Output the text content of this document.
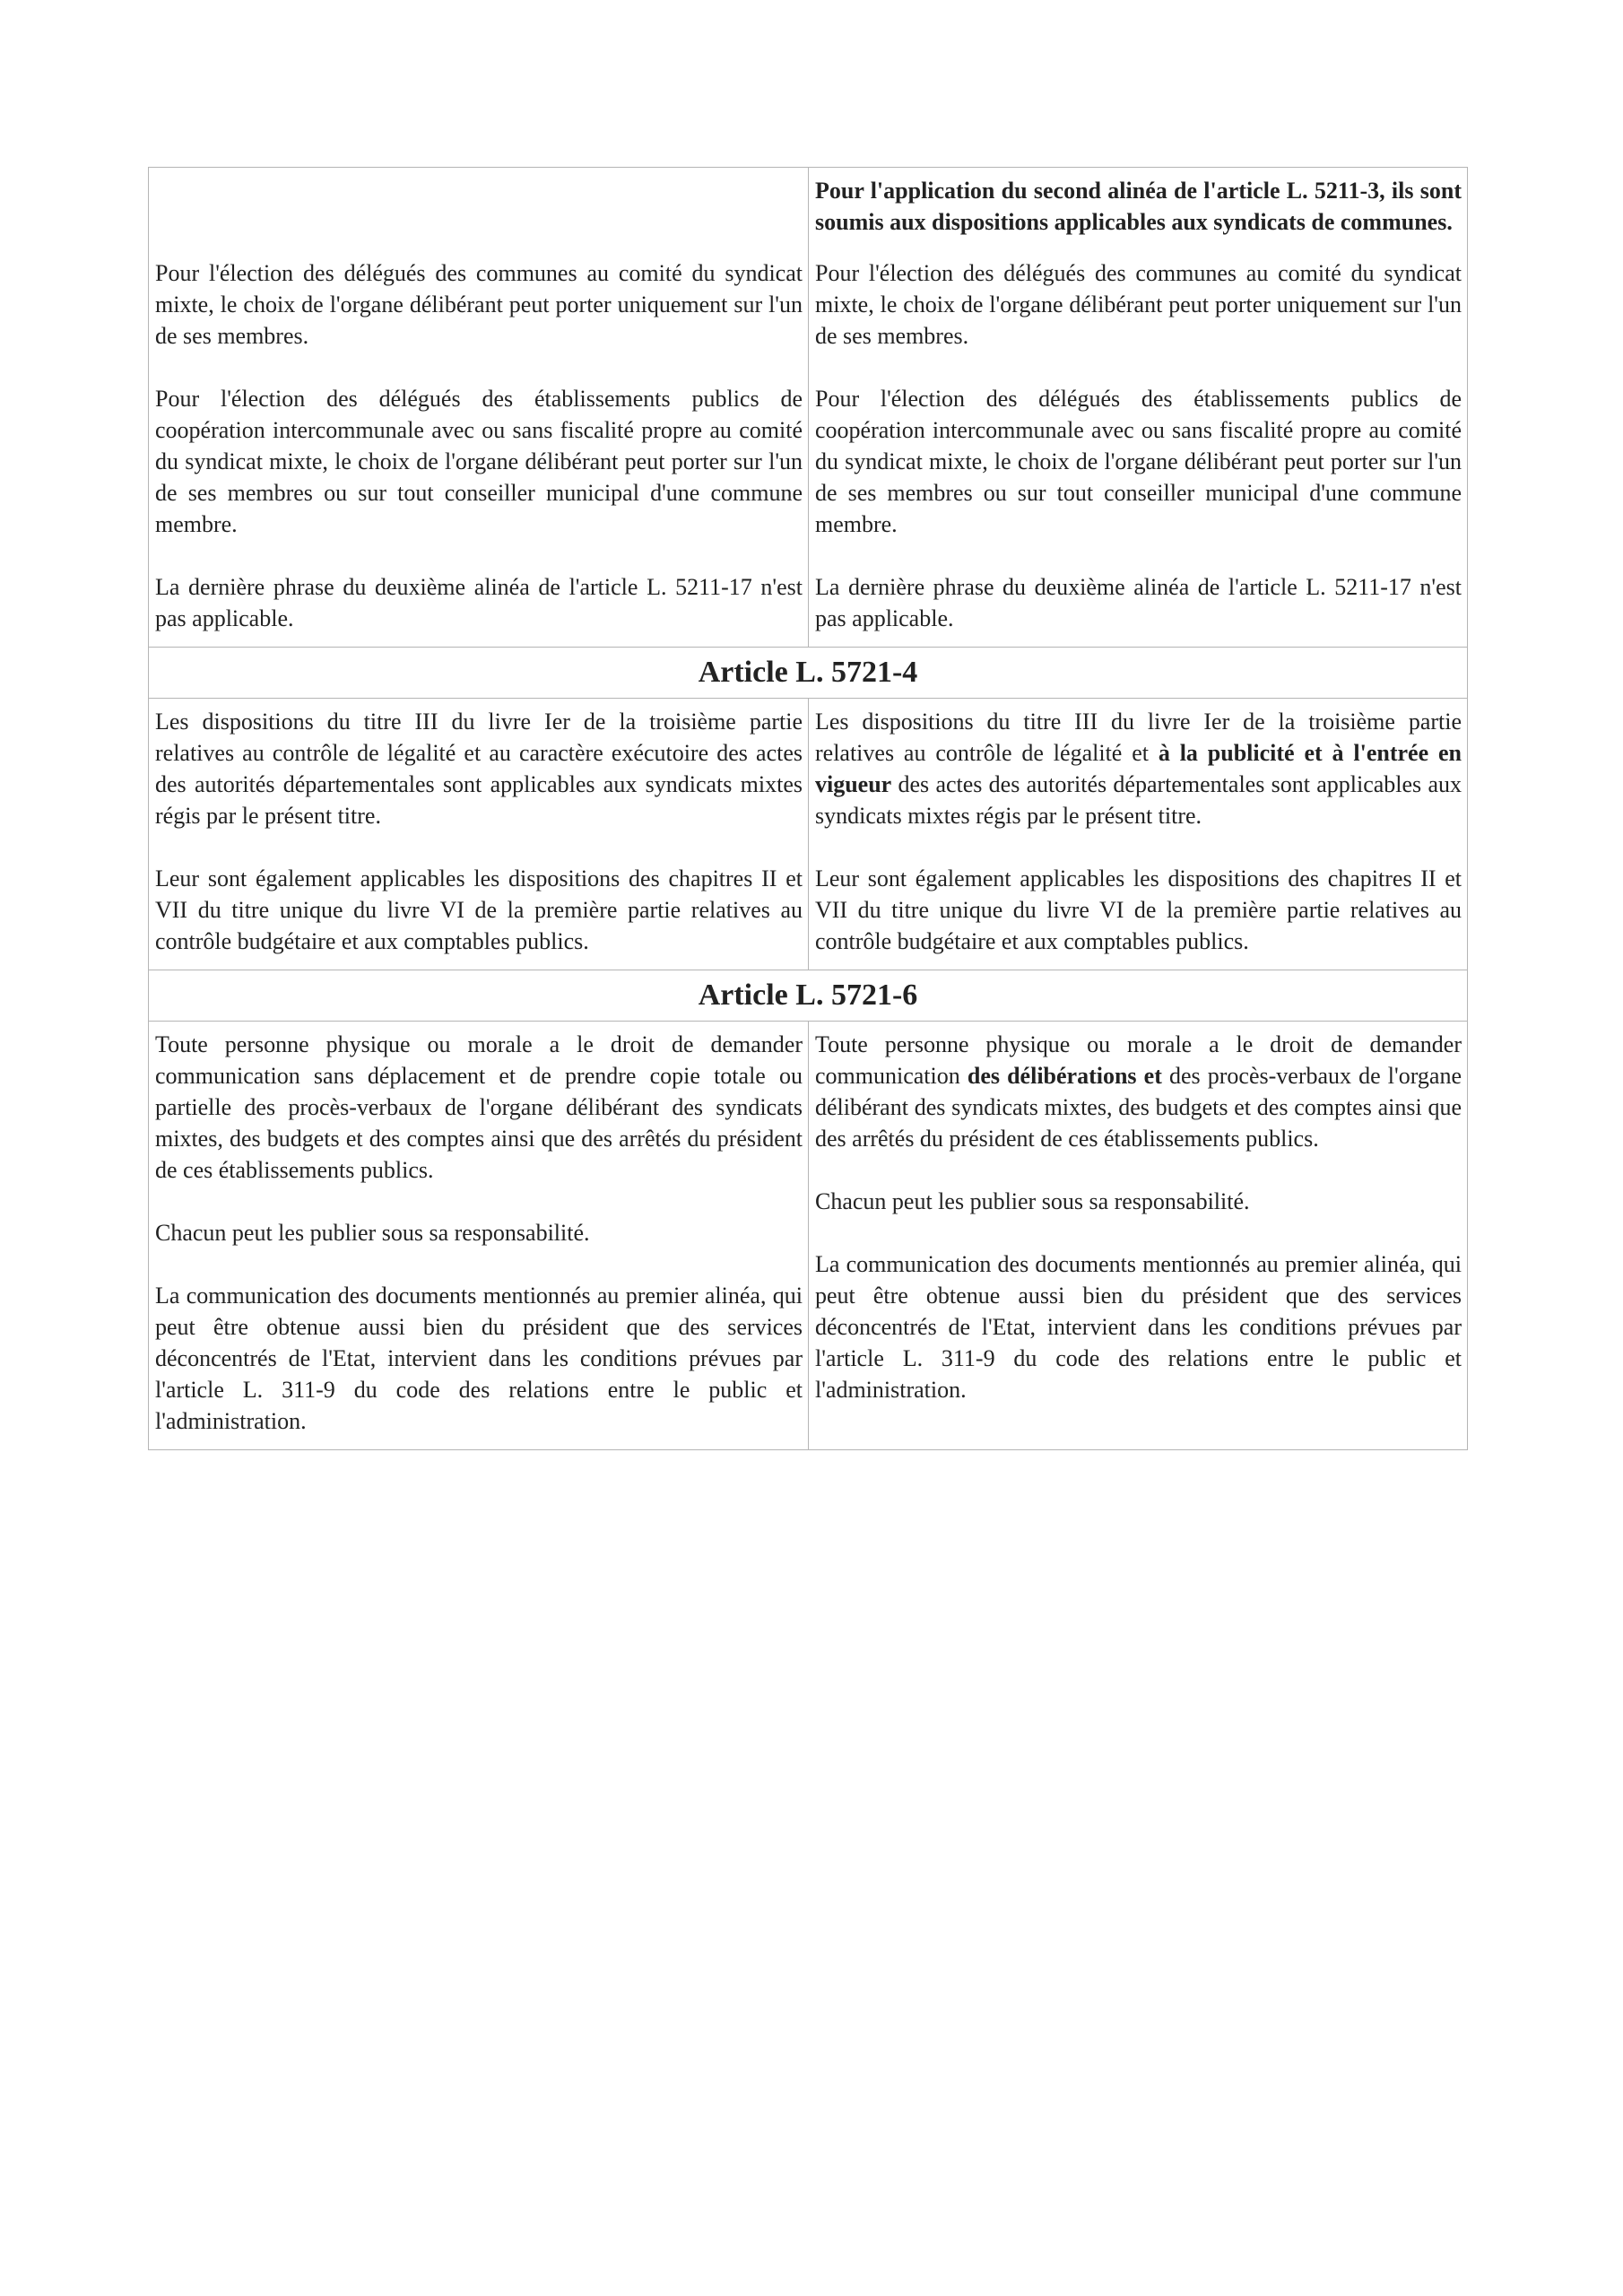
Pour l'application du second alinéa de l'article L. 5211-3, ils sont soumis aux dispositions applicables aux syndicats de communes.

Pour l'élection des délégués des communes au comité du syndicat mixte, le choix de l'organe délibérant peut porter uniquement sur l'un de ses membres.

Pour l'élection des délégués des établissements publics de coopération intercommunale avec ou sans fiscalité propre au comité du syndicat mixte, le choix de l'organe délibérant peut porter sur l'un de ses membres ou sur tout conseiller municipal d'une commune membre.

La dernière phrase du deuxième alinéa de l'article L. 5211-17 n'est pas applicable.

Pour l'élection des délégués des communes au comité du syndicat mixte, le choix de l'organe délibérant peut porter uniquement sur l'un de ses membres.

Pour l'élection des délégués des établissements publics de coopération intercommunale avec ou sans fiscalité propre au comité du syndicat mixte, le choix de l'organe délibérant peut porter sur l'un de ses membres ou sur tout conseiller municipal d'une commune membre.

La dernière phrase du deuxième alinéa de l'article L. 5211-17 n'est pas applicable.

Article L. 5721-4

Les dispositions du titre III du livre Ier de la troisième partie relatives au contrôle de légalité et au caractère exécutoire des actes des autorités départementales sont applicables aux syndicats mixtes régis par le présent titre.

Leur sont également applicables les dispositions des chapitres II et VII du titre unique du livre VI de la première partie relatives au contrôle budgétaire et aux comptables publics.

Les dispositions du titre III du livre Ier de la troisième partie relatives au contrôle de légalité et à la publicité et à l'entrée en vigueur des actes des autorités départementales sont applicables aux syndicats mixtes régis par le présent titre.

Leur sont également applicables les dispositions des chapitres II et VII du titre unique du livre VI de la première partie relatives au contrôle budgétaire et aux comptables publics.

Article L. 5721-6

Toute personne physique ou morale a le droit de demander communication sans déplacement et de prendre copie totale ou partielle des procès-verbaux de l'organe délibérant des syndicats mixtes, des budgets et des comptes ainsi que des arrêtés du président de ces établissements publics.

Chacun peut les publier sous sa responsabilité.

La communication des documents mentionnés au premier alinéa, qui peut être obtenue aussi bien du président que des services déconcentrés de l'Etat, intervient dans les conditions prévues par l'article L. 311-9 du code des relations entre le public et l'administration.

Toute personne physique ou morale a le droit de demander communication des délibérations et des procès-verbaux de l'organe délibérant des syndicats mixtes, des budgets et des comptes ainsi que des arrêtés du président de ces établissements publics.

Chacun peut les publier sous sa responsabilité.

La communication des documents mentionnés au premier alinéa, qui peut être obtenue aussi bien du président que des services déconcentrés de l'Etat, intervient dans les conditions prévues par l'article L. 311-9 du code des relations entre le public et l'administration.
